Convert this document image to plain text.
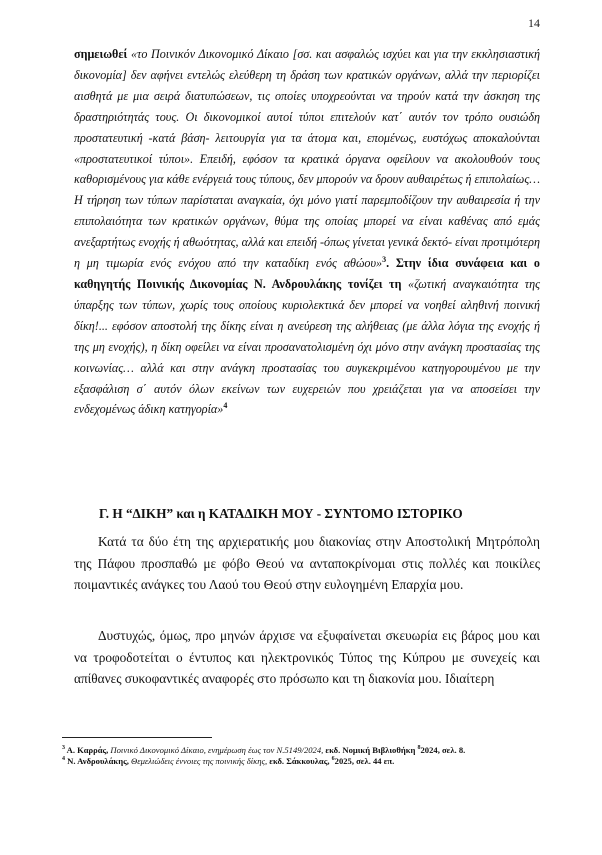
14

σημειωθεί «το Ποινικόν Δικονομικό Δίκαιο [σσ. και ασφαλώς ισχύει και για την εκκλησιαστική δικονομία] δεν αφήνει εντελώς ελεύθερη τη δράση των κρατικών οργάνων, αλλά την περιορίζει αισθητά με μια σειρά διατυπώσεων, τις οποίες υποχρεούνται να τηρούν κατά την άσκηση της δραστηριότητάς τους. Οι δικονομικοί αυτοί τύποι επιτελούν κατ΄ αυτόν τον τρόπο ουσιώδη προστατευτική -κατά βάση- λειτουργία για τα άτομα και, επομένως, ευστόχως αποκαλούνται «προστατευτικοί τύποι». Επειδή, εφόσον τα κρατικά όργανα οφείλουν να ακολουθούν τους καθορισμένους για κάθε ενέργειά τους τύπους, δεν μπορούν να δρουν αυθαιρέτως ή επιπολαίως… Η τήρηση των τύπων παρίσταται αναγκαία, όχι μόνο γιατί παρεμποδίζουν την αυθαιρεσία ή την επιπολαιότητα των κρατικών οργάνων, θύμα της οποίας μπορεί να είναι καθένας από εμάς ανεξαρτήτως ενοχής ή αθωότητας, αλλά και επειδή -όπως γίνεται γενικά δεκτό- είναι προτιμότερη η μη τιμωρία ενός ενόχου από την καταδίκη ενός αθώου»$^3$. Στην ίδια συνάφεια και ο καθηγητής Ποινικής Δικονομίας Ν. Ανδρουλάκης τονίζει τη «ζωτική αναγκαιότητα της ύπαρξης των τύπων, χωρίς τους οποίους κυριολεκτικά δεν μπορεί να νοηθεί αληθινή ποινική δίκη!... εφόσον αποστολή της δίκης είναι η ανεύρεση της αλήθειας (με άλλα λόγια της ενοχής ή της μη ενοχής), η δίκη οφείλει να είναι προσανατολισμένη όχι μόνο στην ανάγκη προστασίας της κοινωνίας… αλλά και στην ανάγκη προστασίας του συγκεκριμένου κατηγορουμένου με την εξασφάλιση σ΄ αυτόν όλων εκείνων των ευχερειών που χρειάζεται για να αποσείσει την ενδεχομένως άδικη κατηγορία»$^4$

Γ. Η “ΔΙΚΗ” και η ΚΑΤΑΔΙΚΗ ΜΟΥ - ΣΥΝΤΟΜΟ ΙΣΤΟΡΙΚΟ

Κατά τα δύο έτη της αρχιερατικής μου διακονίας στην Αποστολική Μητρόπολη της Πάφου προσπαθώ με φόβο Θεού να ανταποκρίνομαι στις πολλές και ποικίλες ποιμαντικές ανάγκες του Λαού του Θεού στην ευλογημένη Επαρχία μου.

Δυστυχώς, όμως, προ μηνών άρχισε να εξυφαίνεται σκευωρία εις βάρος μου και να τροφοδοτείται ο έντυπος και ηλεκτρονικός Τύπος της Κύπρου με συνεχείς και απίθανες συκοφαντικές αναφορές στο πρόσωπο και τη διακονία μου. Ιδιαίτερη

$^3$ Α. Καρράς, Ποινικό Δικονομικό Δίκαιο, ενημέρωση έως τον Ν.5149/2024, εκδ. Νομική Βιβλιοθήκη $^8$2024, σελ. 8.

$^4$ Ν. Ανδρουλάκης, Θεμελιώδεις έννοιες της ποινικής δίκης, εκδ. Σάκκουλας, $^6$2025, σελ. 44 επ.
